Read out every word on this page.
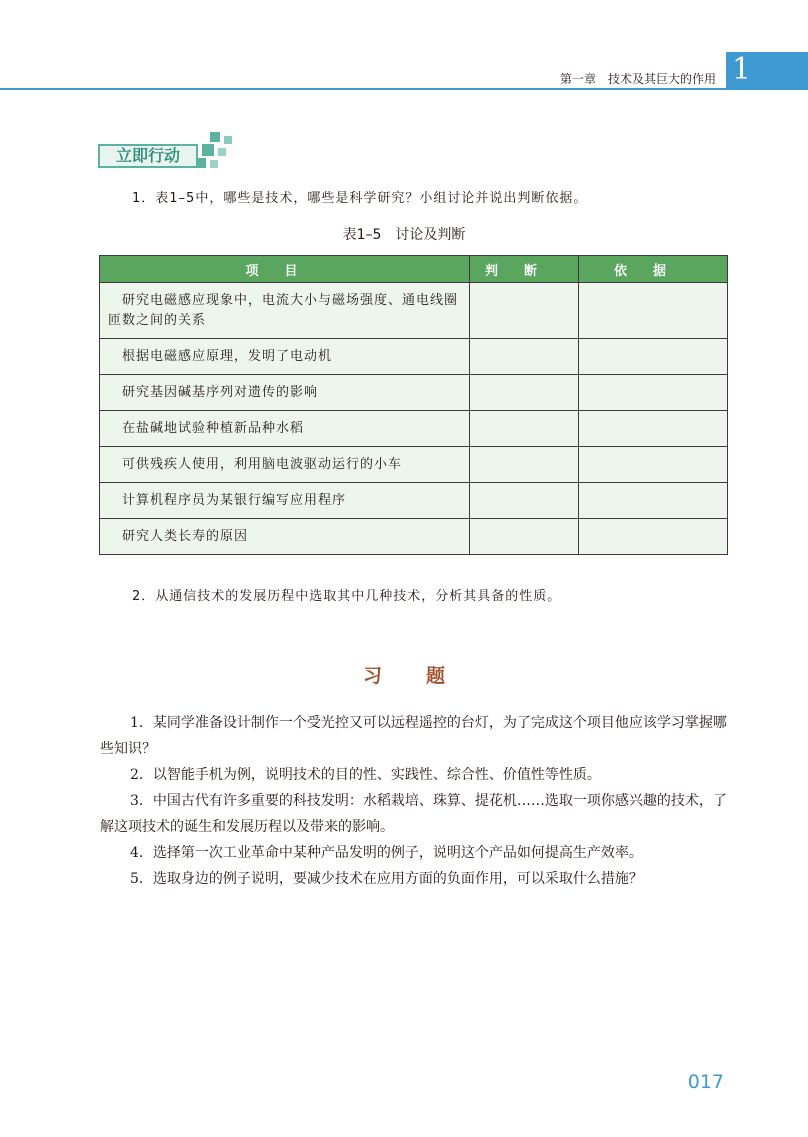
第一章　技术及其巨大的作用 1
立即行动
1．表1–5中，哪些是技术，哪些是科学研究？小组讨论并说出判断依据。
表1–5　讨论及判断
项目	判断	依据
研究电磁感应现象中，电流大小与磁场强度、通电线圈匝数之间的关系		
根据电磁感应原理，发明了电动机		
研究基因碱基序列对遗传的影响		
在盐碱地试验种植新品种水稻		
可供残疾人使用，利用脑电波驱动运行的小车		
计算机程序员为某银行编写应用程序		
研究人类长寿的原因		
2．从通信技术的发展历程中选取其中几种技术，分析其具备的性质。
习题

1．某同学准备设计制作一个受光控又可以远程遥控的台灯，为了完成这个项目他应该学习掌握哪些知识？

2．以智能手机为例，说明技术的目的性、实践性、综合性、价值性等性质。

3．中国古代有许多重要的科技发明：水稻栽培、珠算、提花机……选取一项你感兴趣的技术，了解这项技术的诞生和发展历程以及带来的影响。

4．选择第一次工业革命中某种产品发明的例子，说明这个产品如何提高生产效率。

5．选取身边的例子说明，要减少技术在应用方面的负面作用，可以采取什么措施？

017
